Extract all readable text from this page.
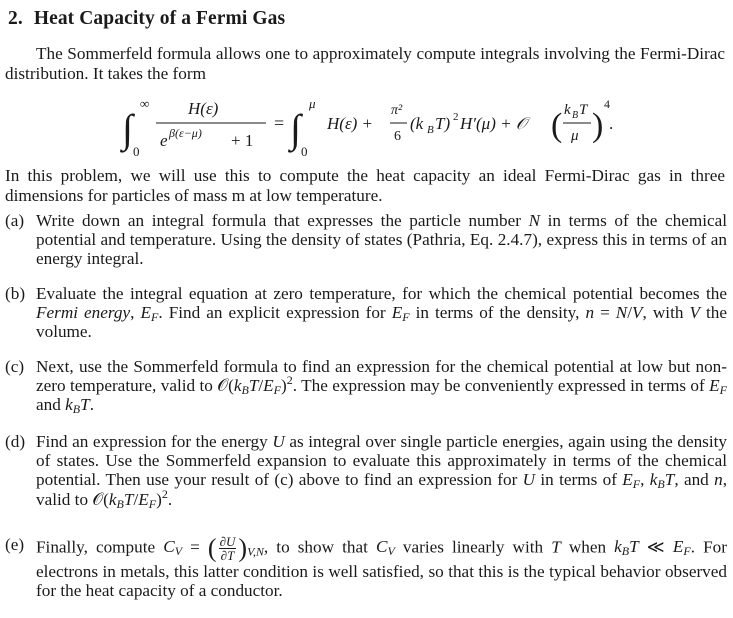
2. Heat Capacity of a Fermi Gas
The Sommerfeld formula allows one to approximately compute integrals involving the Fermi-Dirac distribution. It takes the form
∫
∞
0
H(ε)
e β(ε−μ) + 1
= ∫
μ
0
H(ε) +
π²
6
(k B T) 2 H′(μ) + 𝒪 ( k B T
μ )
4
.
In this problem, we will use this to compute the heat capacity an ideal Fermi-Dirac gas in three dimensions for particles of mass m at low temperature.
(a) Write down an integral formula that expresses the particle number N in terms of the chemical potential and temperature. Using the density of states (Pathria, Eq. 2.4.7), express this in terms of an energy integral.
(b) Evaluate the integral equation at zero temperature, for which the chemical potential becomes the Fermi energy, $E_F$. Find an explicit expression for $E_F$ in terms of the density, n = N/V, with V the volume.
(c) Next, use the Sommerfeld formula to find an expression for the chemical potential at low but non-zero temperature, valid to $𝒪(k_BT/E_F)^2$. The expression may be conveniently expressed in terms of $E_F$ and $k_BT$.
(d) Find an expression for the energy U as integral over single particle energies, again using the density of states. Use the Sommerfeld expansion to evaluate this approximately in terms of the chemical potential. Then use your result of (c) above to find an expression for U in terms of $E_F$, $k_BT$, and n, valid to $𝒪(k_BT/E_F)^2$.
(e) Finally, compute $C_V$ = ( $\frac{\partial U}{\partial T} )_{V,N}$, to show that $C_V$ varies linearly with T when $k_BT$ ≪ $E_F$. For electrons in metals, this latter condition is well satisfied, so that this is the typical behavior observed for the heat capacity of a conductor.
